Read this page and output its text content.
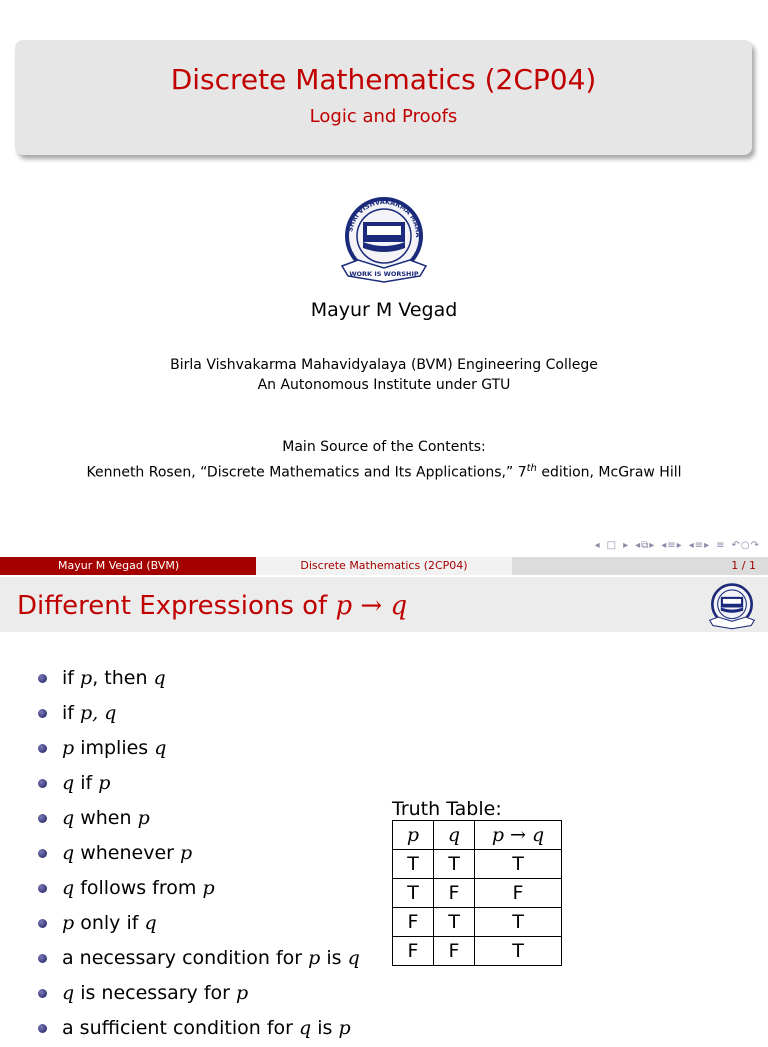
Discrete Mathematics (2CP04)
Logic and Proofs
SHRI VISHVAKARMA MAHA
WORK IS WORSHIP
Mayur M Vegad
Birla Vishvakarma Mahavidyalaya (BVM) Engineering College
An Autonomous Institute under GTU
Main Source of the Contents:
Kenneth Rosen, “Discrete Mathematics and Its Applications,” 7th edition, McGraw Hill
◂ □ ▸ ◂⧉▸ ◂≡▸ ◂≡▸ ≡ ↶○↷
Mayur M Vegad (BVM)	Discrete Mathematics (2CP04)	1 / 1
Different Expressions of p → q
if p, then q
if p, q
p implies q
q if p
q when p
q whenever p
q follows from p
p only if q
a necessary condition for p is q
q is necessary for p
a sufficient condition for q is p
Truth Table:
p	q	p → q
T	T	T
T	F	F
F	T	T
F	F	T
